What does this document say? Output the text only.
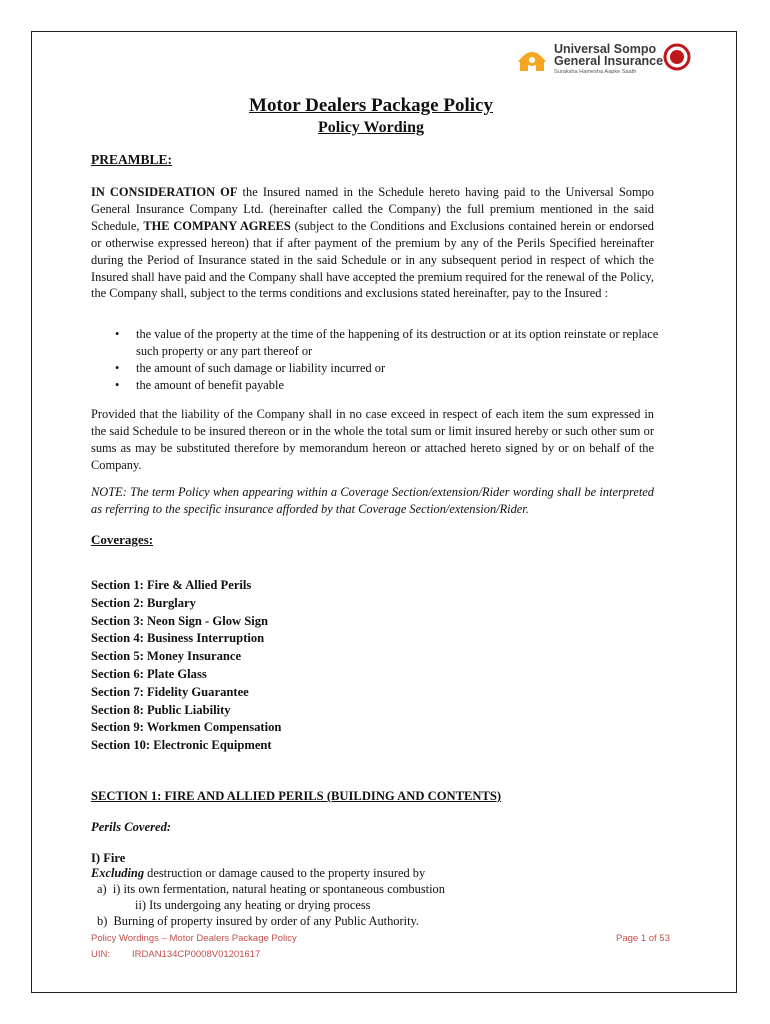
Universal Sompo
General Insurance
Suraksha Hamesha Aapke Saath
Motor Dealers Package Policy
Policy Wording
PREAMBLE:
IN CONSIDERATION OF the Insured named in the Schedule hereto having paid to the Universal Sompo General Insurance Company Ltd. (hereinafter called the Company) the full premium mentioned in the said Schedule, THE COMPANY AGREES (subject to the Conditions and Exclusions contained herein or endorsed or otherwise expressed hereon) that if after payment of the premium by any of the Perils Specified hereinafter during the Period of Insurance stated in the said Schedule or in any subsequent period in respect of which the Insured shall have paid and the Company shall have accepted the premium required for the renewal of the Policy, the Company shall, subject to the terms conditions and exclusions stated hereinafter, pay to the Insured :
• the value of the property at the time of the happening of its destruction or at its option reinstate or replace such property or any part thereof or
• the amount of such damage or liability incurred or
• the amount of benefit payable
Provided that the liability of the Company shall in no case exceed in respect of each item the sum expressed in the said Schedule to be insured thereon or in the whole the total sum or limit insured hereby or such other sum or sums as may be substituted therefore by memorandum hereon or attached hereto signed by or on behalf of the Company.
NOTE: The term Policy when appearing within a Coverage Section/extension/Rider wording shall be interpreted as referring to the specific insurance afforded by that Coverage Section/extension/Rider.
Coverages:
Section 1: Fire & Allied Perils
Section 2: Burglary
Section 3: Neon Sign - Glow Sign
Section 4: Business Interruption
Section 5: Money Insurance
Section 6: Plate Glass
Section 7: Fidelity Guarantee
Section 8: Public Liability
Section 9: Workmen Compensation
Section 10: Electronic Equipment
SECTION 1: FIRE AND ALLIED PERILS (BUILDING AND CONTENTS)
Perils Covered:
I) Fire
Excluding destruction or damage caused to the property insured by
a) i) its own fermentation, natural heating or spontaneous combustion
ii) Its undergoing any heating or drying process
b) Burning of property insured by order of any Public Authority.
Policy Wordings – Motor Dealers Package Policy
UIN: IRDAN134CP0008V01201617
Page 1 of 53
